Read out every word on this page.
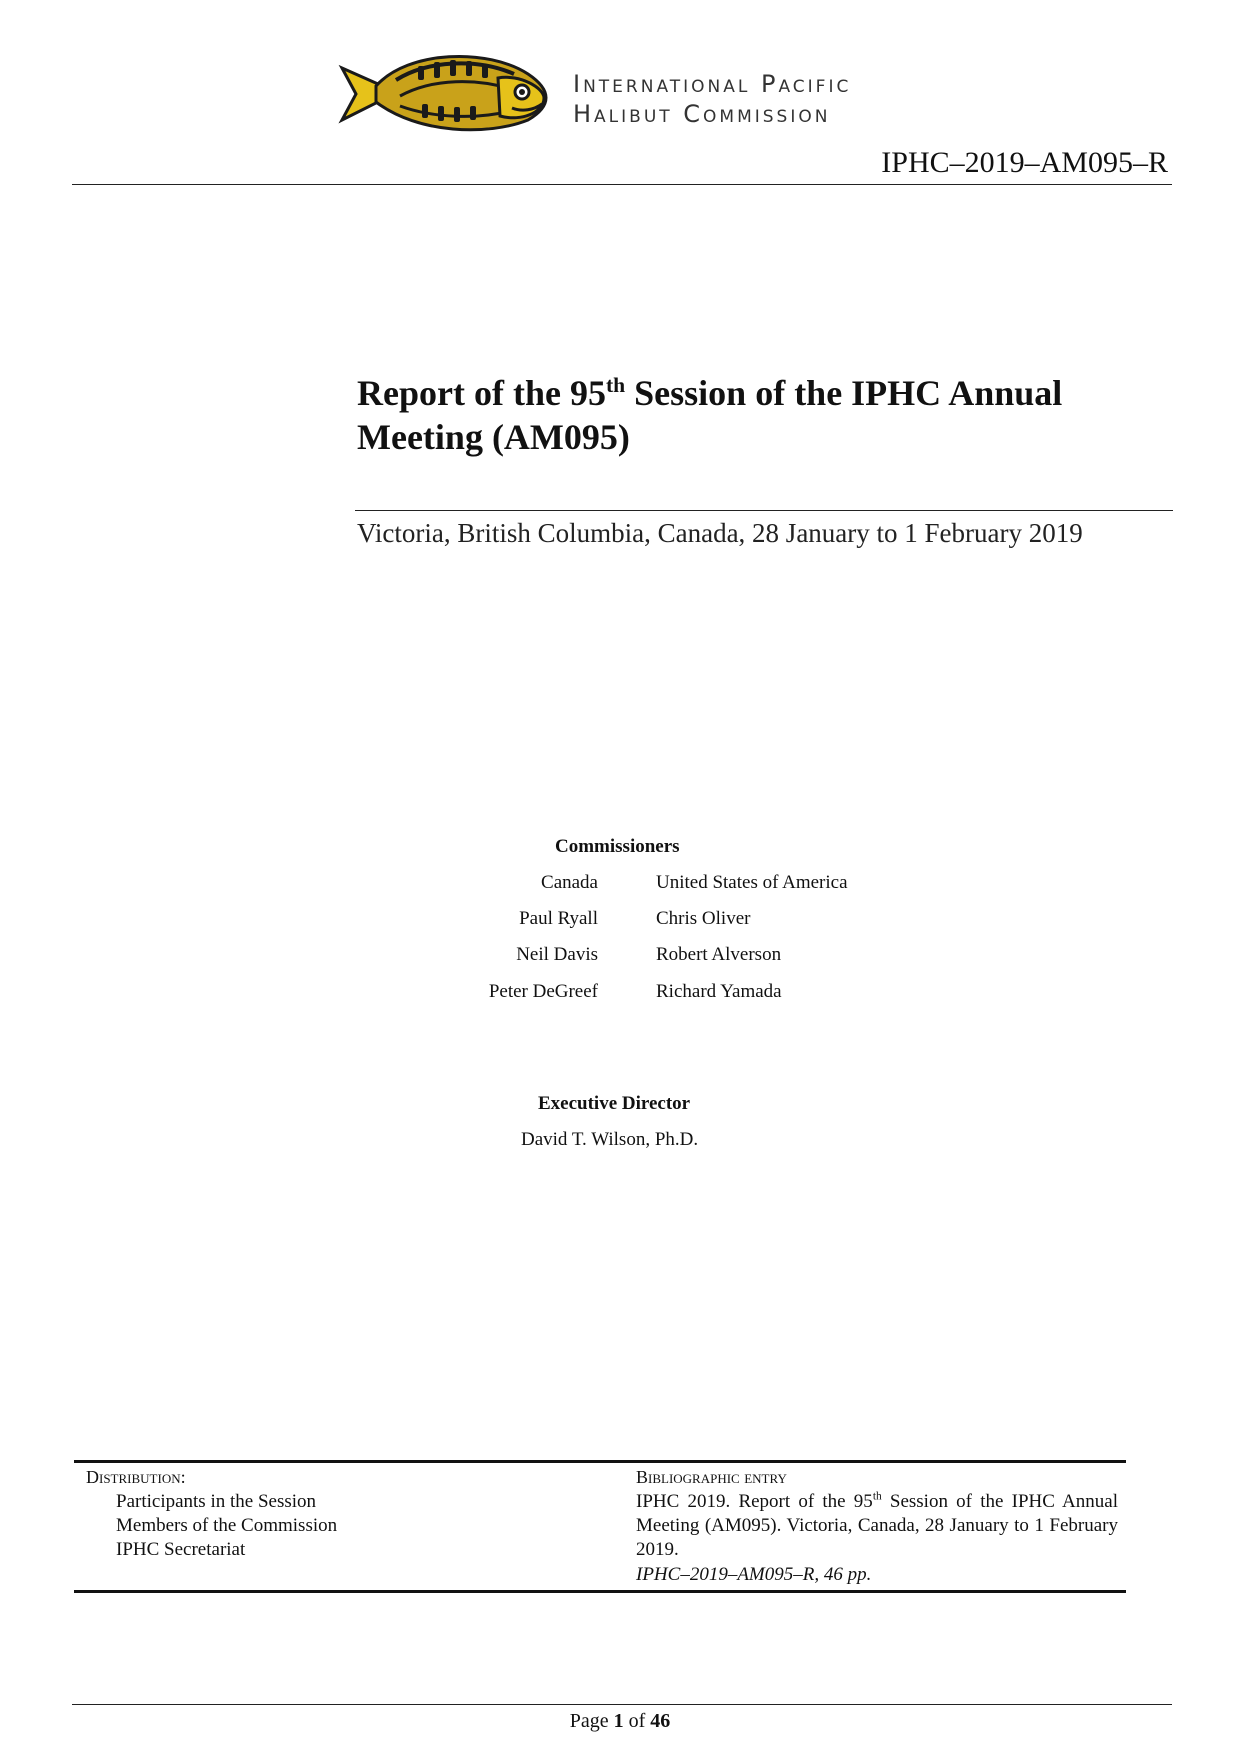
International Pacific
Halibut Commission
IPHC–2019–AM095–R
Report of the 95th Session of the IPHC Annual Meeting (AM095)
Victoria, British Columbia, Canada, 28 January to 1 February 2019
Commissioners
Canada	United States of America
Paul Ryall	Chris Oliver
Neil Davis	Robert Alverson
Peter DeGreef	Richard Yamada
Executive Director
David T. Wilson, Ph.D.
Distribution:
Participants in the Session
Members of the Commission
IPHC Secretariat
Bibliographic entry

IPHC 2019. Report of the 95th Session of the IPHC Annual Meeting (AM095). Victoria, Canada, 28 January to 1 February 2019.

IPHC–2019–AM095–R, 46 pp.
Page 1 of 46
